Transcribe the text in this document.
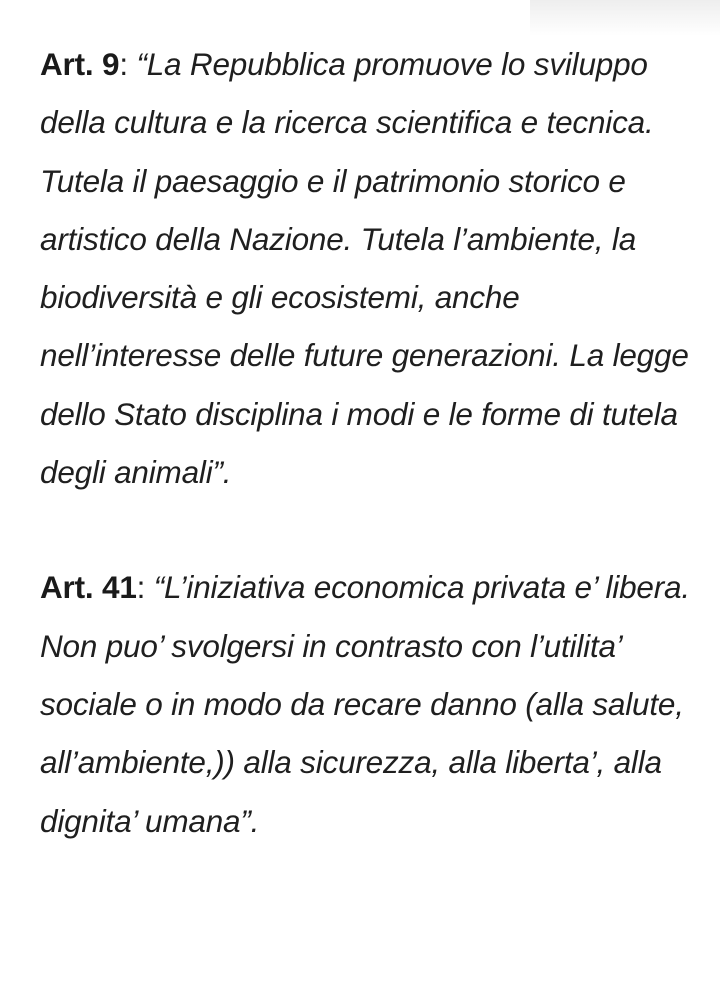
Art. 9: “La Repubblica promuove lo sviluppo della cultura e la ricerca scientifica e tecnica. Tutela il paesaggio e il patrimonio storico e artistico della Nazione. Tutela l’ambiente, la biodiversità e gli ecosistemi, anche nell’interesse delle future generazioni. La legge dello Stato disciplina i modi e le forme di tutela degli animali”.

Art. 41: “L’iniziativa economica privata e’ libera. Non puo’ svolgersi in contrasto con l’utilita’ sociale o in modo da recare danno (alla salute, all’ambiente,)) alla sicurezza, alla liberta’, alla dignita’ umana”.
